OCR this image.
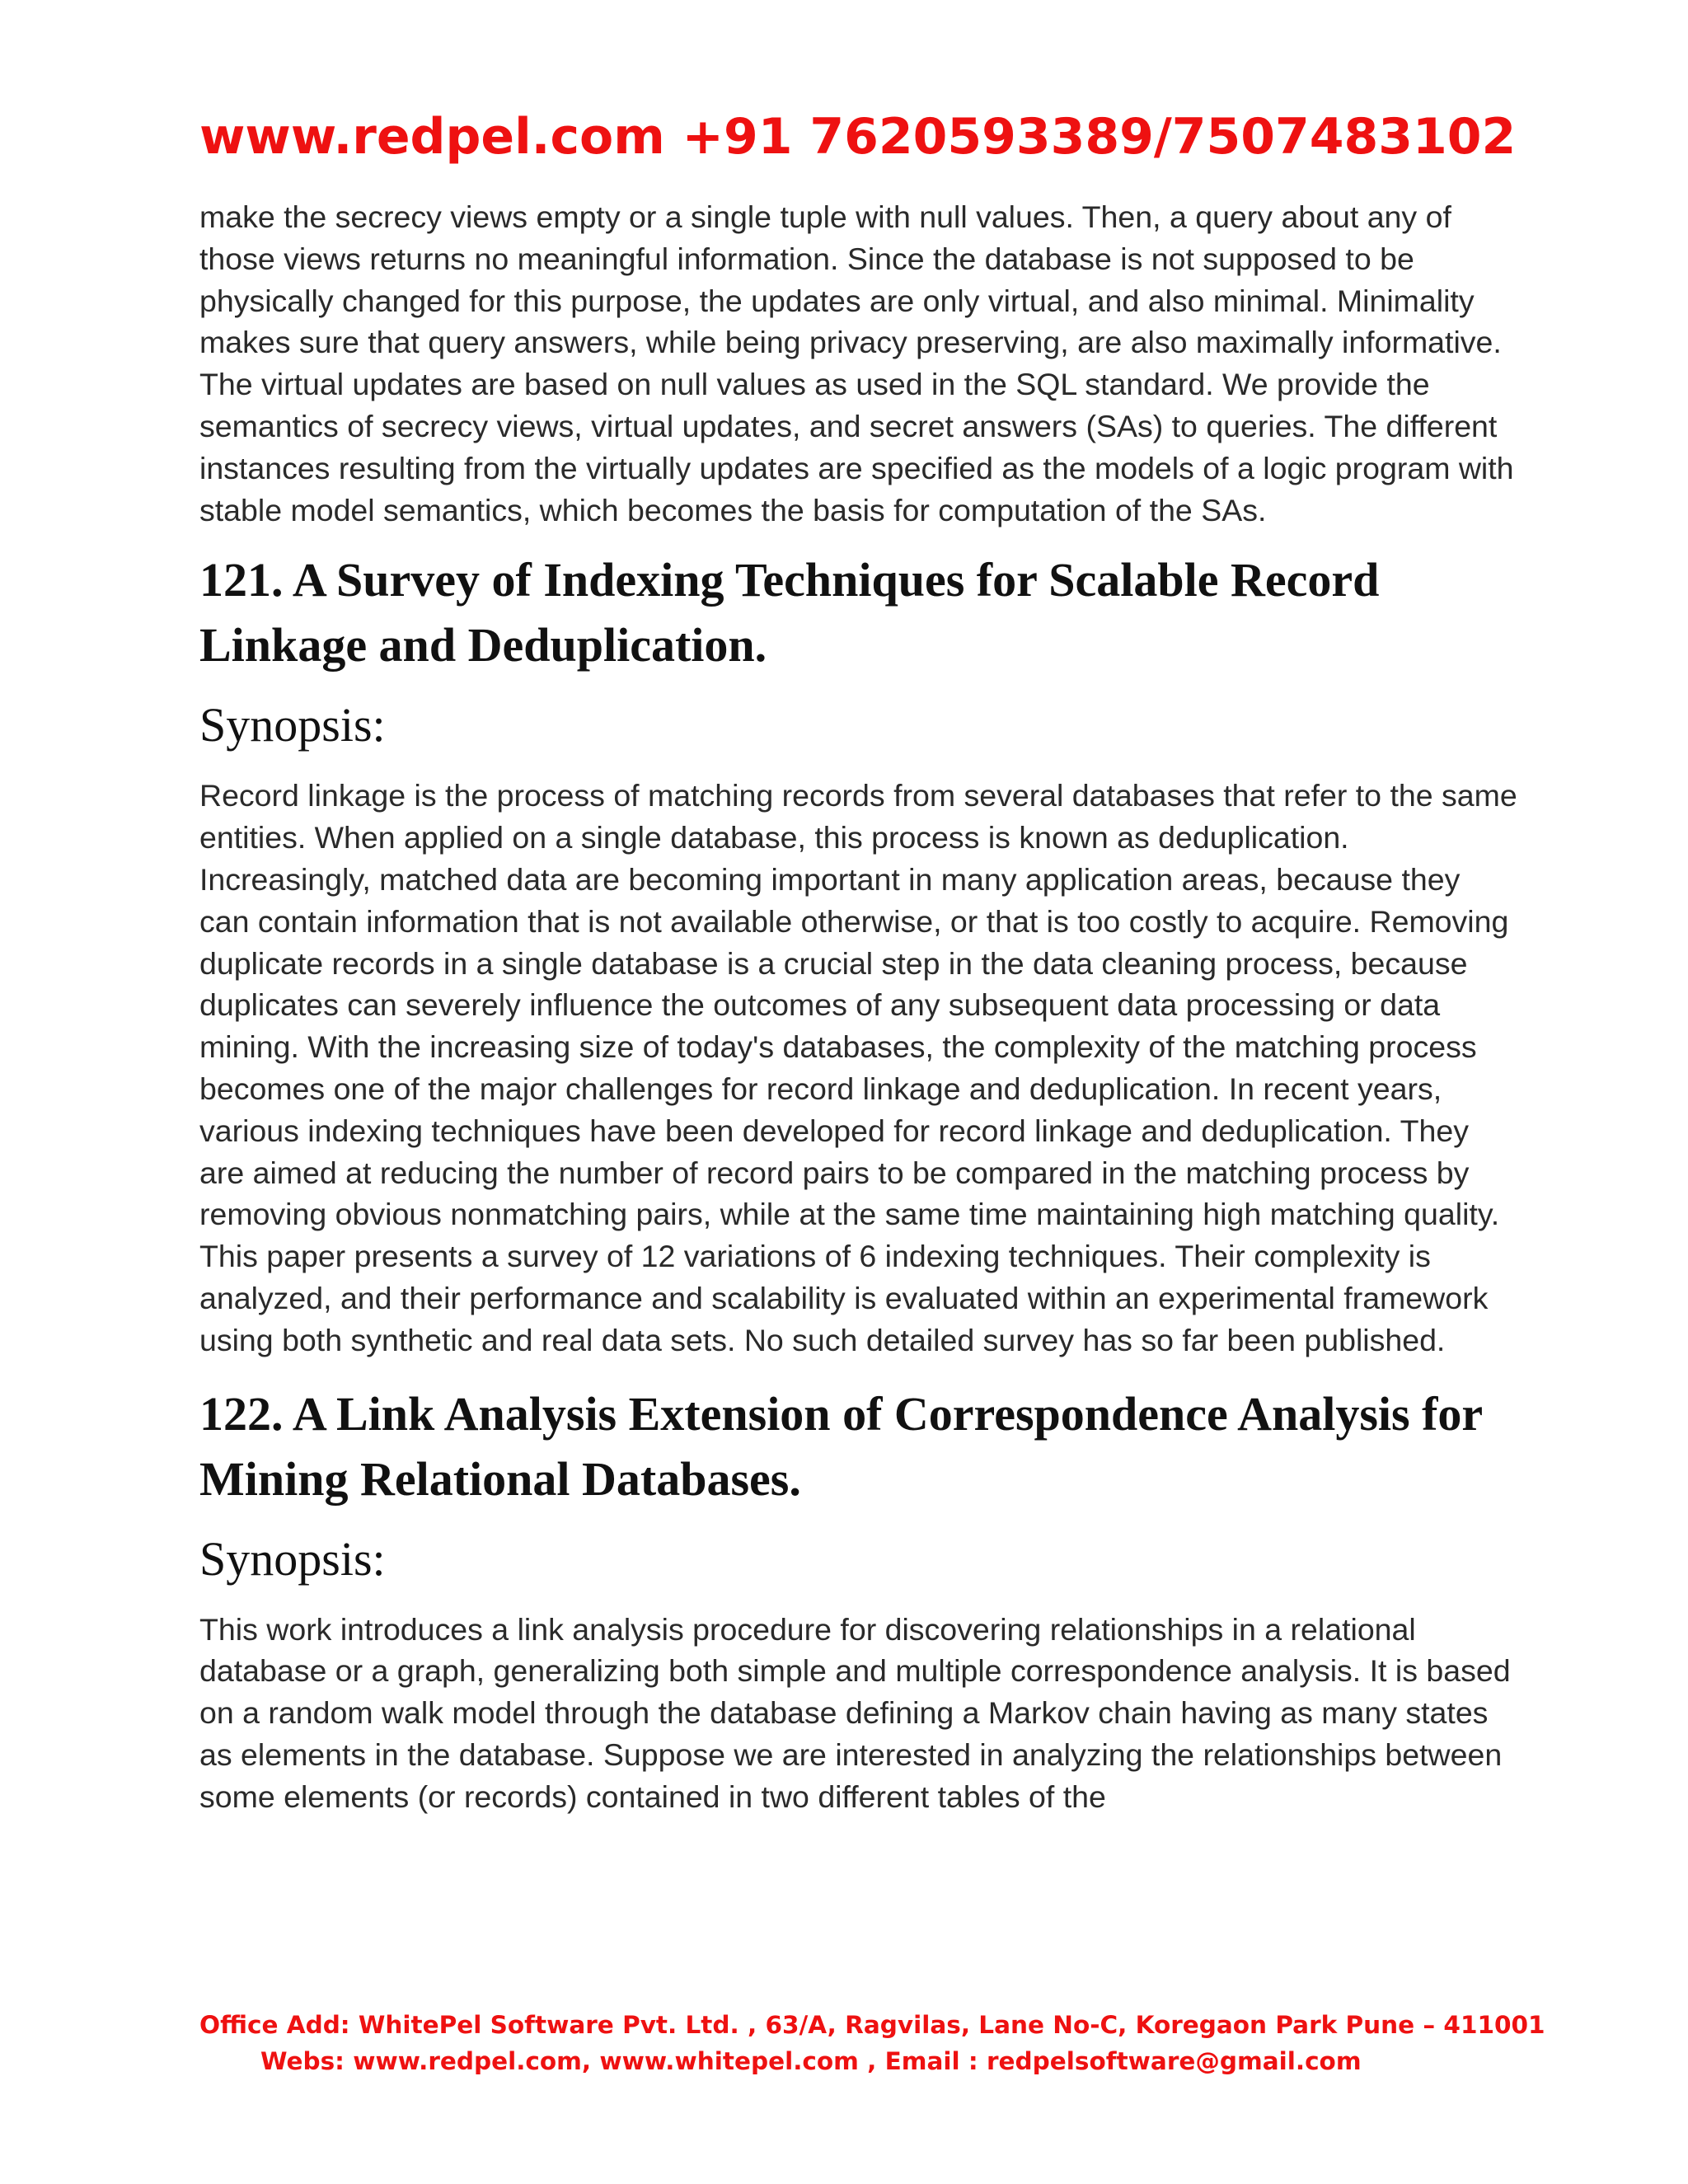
www.redpel.com +91 7620593389/7507483102

make the secrecy views empty or a single tuple with null values. Then, a query about any of those views returns no meaningful information. Since the database is not supposed to be physically changed for this purpose, the updates are only virtual, and also minimal. Minimality makes sure that query answers, while being privacy preserving, are also maximally informative. The virtual updates are based on null values as used in the SQL standard. We provide the semantics of secrecy views, virtual updates, and secret answers (SAs) to queries. The different instances resulting from the virtually updates are specified as the models of a logic program with stable model semantics, which becomes the basis for computation of the SAs.

121. A Survey of Indexing Techniques for Scalable Record Linkage and Deduplication.
Synopsis:

Record linkage is the process of matching records from several databases that refer to the same entities. When applied on a single database, this process is known as deduplication. Increasingly, matched data are becoming important in many application areas, because they can contain information that is not available otherwise, or that is too costly to acquire. Removing duplicate records in a single database is a crucial step in the data cleaning process, because duplicates can severely influence the outcomes of any subsequent data processing or data mining. With the increasing size of today's databases, the complexity of the matching process becomes one of the major challenges for record linkage and deduplication. In recent years, various indexing techniques have been developed for record linkage and deduplication. They are aimed at reducing the number of record pairs to be compared in the matching process by removing obvious nonmatching pairs, while at the same time maintaining high matching quality. This paper presents a survey of 12 variations of 6 indexing techniques. Their complexity is analyzed, and their performance and scalability is evaluated within an experimental framework using both synthetic and real data sets. No such detailed survey has so far been published.

122. A Link Analysis Extension of Correspondence Analysis for Mining Relational Databases.
Synopsis:

This work introduces a link analysis procedure for discovering relationships in a relational database or a graph, generalizing both simple and multiple correspondence analysis. It is based on a random walk model through the database defining a Markov chain having as many states as elements in the database. Suppose we are interested in analyzing the relationships between some elements (or records) contained in two different tables of the

Office Add: WhitePel Software Pvt. Ltd. , 63/A, Ragvilas, Lane No-C, Koregaon Park Pune – 411001
Webs: www.redpel.com, www.whitepel.com , Email : redpelsoftware@gmail.com
